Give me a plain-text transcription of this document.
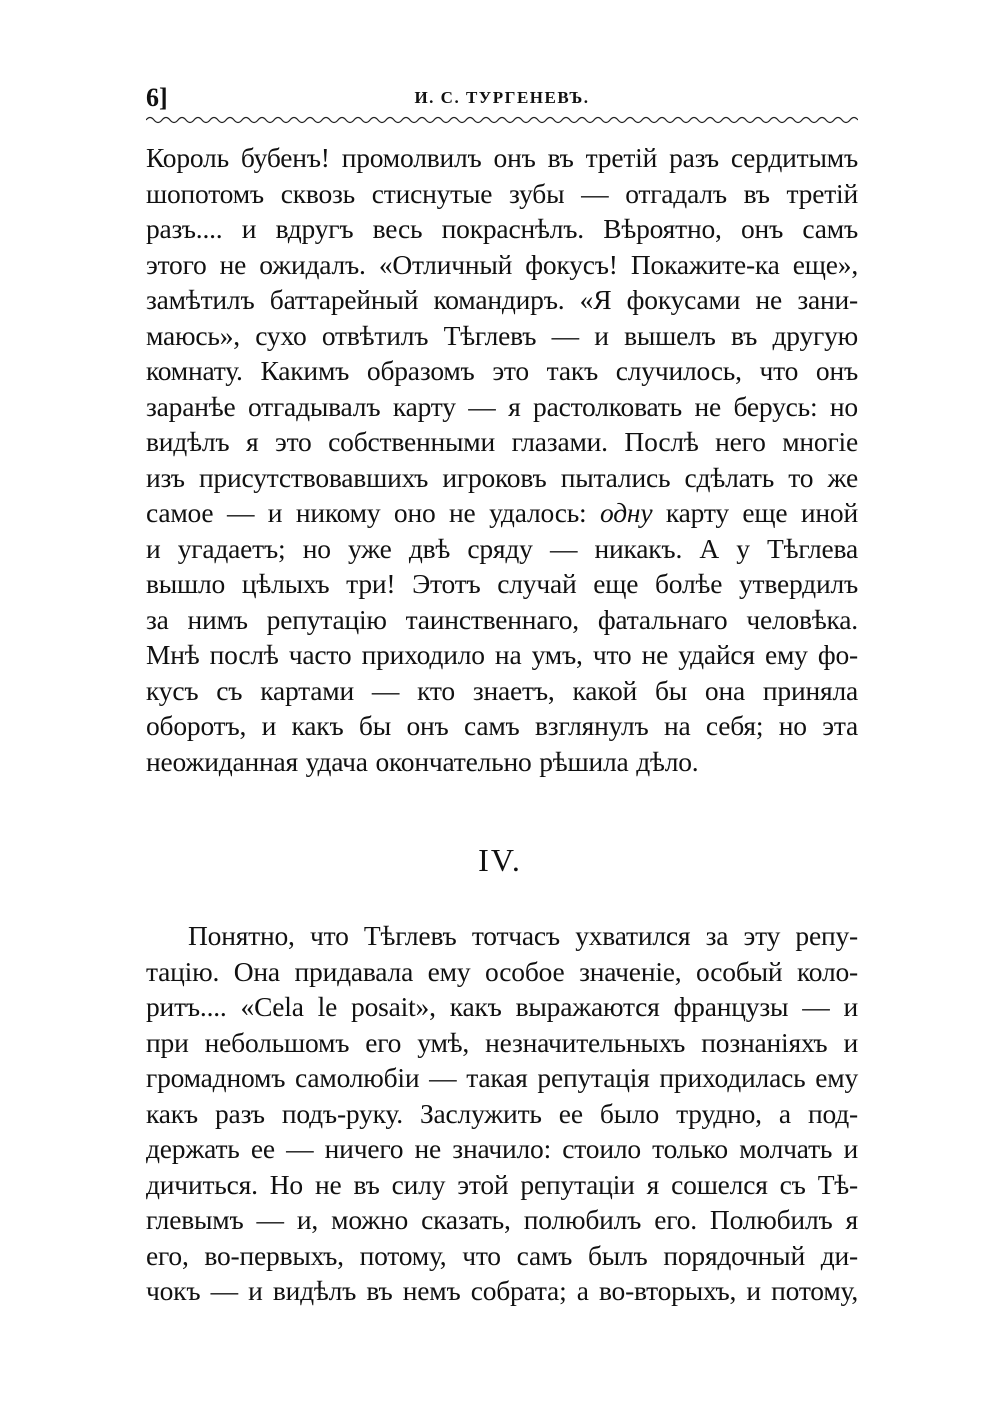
6]	И. С. ТУРГЕНЕВЪ.
Король бубенъ! промолвилъ онъ въ третій разъ сердитымъ
шопотомъ сквозь стиснутые зубы — отгадалъ въ третій
разъ.... и вдругъ весь покраснѣлъ. Вѣроятно, онъ самъ
этого не ожидалъ. «Отличный фокусъ! Покажите-ка еще»,
замѣтилъ баттарейный командиръ. «Я фокусами не зани-
маюсь», сухо отвѣтилъ Тѣглевъ — и вышелъ въ другую
комнату. Какимъ образомъ это такъ случилось, что онъ
заранѣе отгадывалъ карту — я растолковать не берусь: но
видѣлъ я это собственными глазами. Послѣ него многіе
изъ присутствовавшихъ игроковъ пытались сдѣлать то же
самое — и никому оно не удалось: одну карту еще иной
и угадаетъ; но уже двѣ сряду — никакъ. А у Тѣглева
вышло цѣлыхъ три! Этотъ случай еще болѣе утвердилъ
за нимъ репутацію таинственнаго, фатальнаго человѣка.
Мнѣ послѣ часто приходило на умъ, что не удайся ему фо-
кусъ съ картами — кто знаетъ, какой бы она приняла
оборотъ, и какъ бы онъ самъ взглянулъ на себя; но эта
неожиданная удача окончательно рѣшила дѣло.
IV.
Понятно, что Тѣглевъ тотчасъ ухватился за эту репу-
тацію. Она придавала ему особое значеніе, особый коло-
ритъ.... «Cela le posait», какъ выражаются французы — и
при небольшомъ его умѣ, незначительныхъ познаніяхъ и
громадномъ самолюбіи — такая репутація приходилась ему
какъ разъ подъ-руку. Заслужить ее было трудно, а под-
держать ее — ничего не значило: стоило только молчать и
дичиться. Но не въ силу этой репутаціи я сошелся съ Тѣ-
глевымъ — и, можно сказать, полюбилъ его. Полюбилъ я
его, во-первыхъ, потому, что самъ былъ порядочный ди-
чокъ — и видѣлъ въ немъ собрата; а во-вторыхъ, и потому,
